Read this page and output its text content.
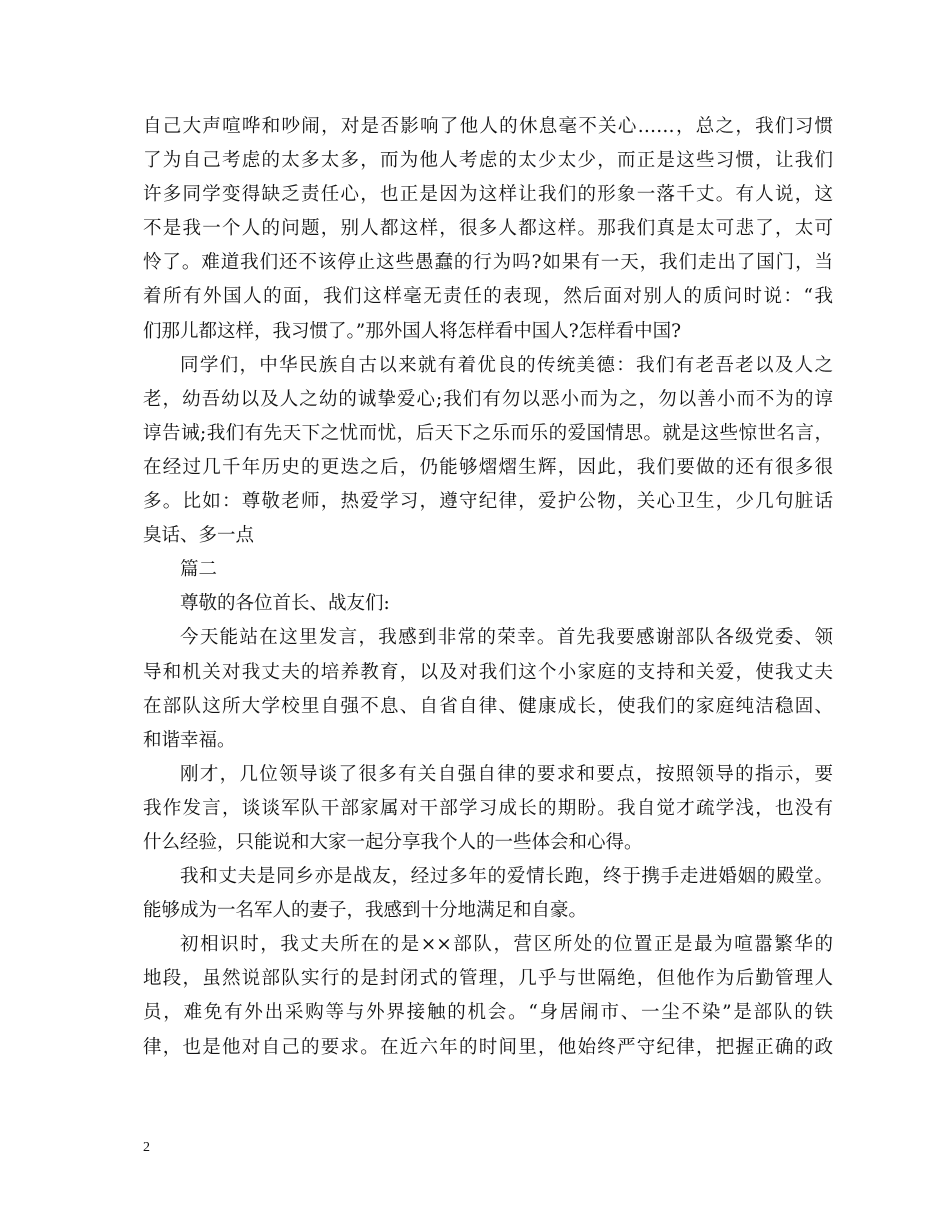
自己大声喧哗和吵闹，对是否影响了他人的休息毫不关心……，总之，我们习惯
了为自己考虑的太多太多，而为他人考虑的太少太少，而正是这些习惯，让我们
许多同学变得缺乏责任心，也正是因为这样让我们的形象一落千丈。有人说，这
不是我一个人的问题，别人都这样，很多人都这样。那我们真是太可悲了，太可
怜了。难道我们还不该停止这些愚蠢的行为吗?如果有一天，我们走出了国门，当
着所有外国人的面，我们这样毫无责任的表现，然后面对别人的质问时说：“我
们那儿都这样，我习惯了。”那外国人将怎样看中国人?怎样看中国?
同学们，中华民族自古以来就有着优良的传统美德：我们有老吾老以及人之
老，幼吾幼以及人之幼的诚挚爱心;我们有勿以恶小而为之，勿以善小而不为的谆
谆告诫;我们有先天下之忧而忧，后天下之乐而乐的爱国情思。就是这些惊世名言，
在经过几千年历史的更迭之后，仍能够熠熠生辉，因此，我们要做的还有很多很
多。比如：尊敬老师，热爱学习，遵守纪律，爱护公物，关心卫生，少几句脏话
臭话、多一点
篇二
尊敬的各位首长、战友们:
今天能站在这里发言，我感到非常的荣幸。首先我要感谢部队各级党委、领
导和机关对我丈夫的培养教育，以及对我们这个小家庭的支持和关爱，使我丈夫
在部队这所大学校里自强不息、自省自律、健康成长，使我们的家庭纯洁稳固、
和谐幸福。
刚才，几位领导谈了很多有关自强自律的要求和要点，按照领导的指示，要
我作发言，谈谈军队干部家属对干部学习成长的期盼。我自觉才疏学浅，也没有
什么经验，只能说和大家一起分享我个人的一些体会和心得。
我和丈夫是同乡亦是战友，经过多年的爱情长跑，终于携手走进婚姻的殿堂。
能够成为一名军人的妻子，我感到十分地满足和自豪。
初相识时，我丈夫所在的是××部队，营区所处的位置正是最为喧嚣繁华的
地段，虽然说部队实行的是封闭式的管理，几乎与世隔绝，但他作为后勤管理人
员，难免有外出采购等与外界接触的机会。“身居闹市、一尘不染”是部队的铁
律，也是他对自己的要求。在近六年的时间里，他始终严守纪律，把握正确的政
2
